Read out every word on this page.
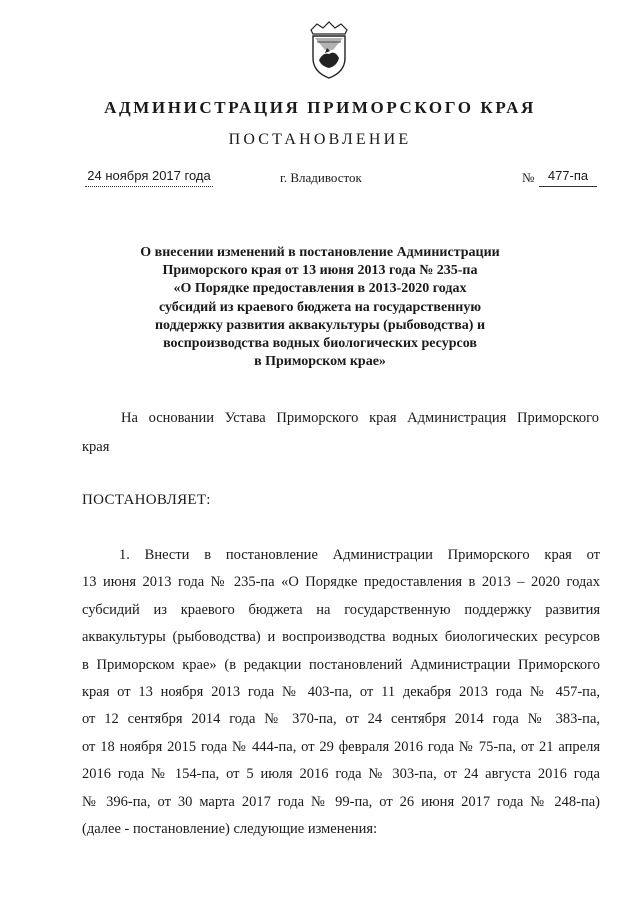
АДМИНИСТРАЦИЯ ПРИМОРСКОГО КРАЯ
ПОСТАНОВЛЕНИЕ
24 ноября 2017 года	г. Владивосток	№	477-па
О внесении изменений в постановление Администрации
Приморского края от 13 июня 2013 года № 235-па
«О Порядке предоставления в 2013-2020 годах
субсидий из краевого бюджета на государственную
поддержку развития аквакультуры (рыбоводства) и
воспроизводства водных биологических ресурсов
в Приморском крае»
На основании Устава Приморского края Администрация Приморского
края
ПОСТАНОВЛЯЕТ:
1. Внести в постановление Администрации Приморского края от
13 июня 2013 года № 235-па «О Порядке предоставления в 2013 – 2020 годах
субсидий из краевого бюджета на государственную поддержку развития
аквакультуры (рыбоводства) и воспроизводства водных биологических ресурсов
в Приморском крае» (в редакции постановлений Администрации Приморского
края от 13 ноября 2013 года № 403-па, от 11 декабря 2013 года № 457-па,
от 12 сентября 2014 года № 370-па, от 24 сентября 2014 года № 383-па,
от 18 ноября 2015 года № 444-па, от 29 февраля 2016 года № 75-па, от 21 апреля
2016 года № 154-па, от 5 июля 2016 года № 303-па, от 24 августа 2016 года
№ 396-па, от 30 марта 2017 года № 99-па, от 26 июня 2017 года № 248-па)
(далее - постановление) следующие изменения:
